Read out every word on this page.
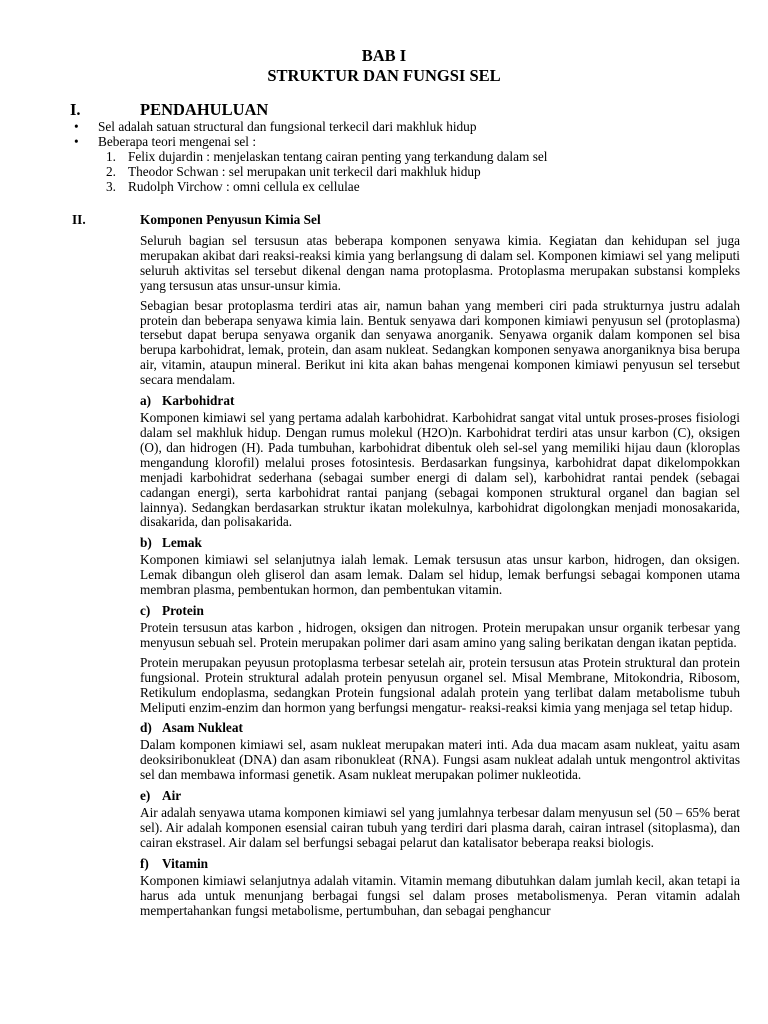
BAB I

STRUKTUR DAN FUNGSI SEL

I.	PENDAHULUAN
• Sel adalah satuan structural dan fungsional terkecil dari makhluk hidup
• Beberapa teori mengenai sel :
1. Felix dujardin : menjelaskan tentang cairan penting yang terkandung dalam sel
2. Theodor Schwan : sel merupakan unit terkecil dari makhluk hidup
3. Rudolph Virchow : omni cellula ex cellulae
II.	Komponen Penyusun Kimia Sel

Seluruh bagian sel tersusun atas beberapa komponen senyawa kimia. Kegiatan dan kehidupan sel juga merupakan akibat dari reaksi-reaksi kimia yang berlangsung di dalam sel. Komponen kimiawi sel yang meliputi seluruh aktivitas sel tersebut dikenal dengan nama protoplasma. Protoplasma merupakan substansi kompleks yang tersusun atas unsur-unsur kimia.

Sebagian besar protoplasma terdiri atas air, namun bahan yang memberi ciri pada strukturnya justru adalah protein dan beberapa senyawa kimia lain. Bentuk senyawa dari komponen kimiawi penyusun sel (protoplasma) tersebut dapat berupa senyawa organik dan senyawa anorganik. Senyawa organik dalam komponen sel bisa berupa karbohidrat, lemak, protein, dan asam nukleat. Sedangkan komponen senyawa anorganiknya bisa berupa air, vitamin, ataupun mineral. Berikut ini kita akan bahas mengenai komponen kimiawi penyusun sel tersebut secara mendalam.

a) Karbohidrat

Komponen kimiawi sel yang pertama adalah karbohidrat. Karbohidrat sangat vital untuk proses-proses fisiologi dalam sel makhluk hidup. Dengan rumus molekul (H2O)n. Karbohidrat terdiri atas unsur karbon (C), oksigen (O), dan hidrogen (H). Pada tumbuhan, karbohidrat dibentuk oleh sel-sel yang memiliki hijau daun (kloroplas mengandung klorofil) melalui proses fotosintesis. Berdasarkan fungsinya, karbohidrat dapat dikelompokkan menjadi karbohidrat sederhana (sebagai sumber energi di dalam sel), karbohidrat rantai pendek (sebagai cadangan energi), serta karbohidrat rantai panjang (sebagai komponen struktural organel dan bagian sel lainnya). Sedangkan berdasarkan struktur ikatan molekulnya, karbohidrat digolongkan menjadi monosakarida, disakarida, dan polisakarida.

b) Lemak

Komponen kimiawi sel selanjutnya ialah lemak. Lemak tersusun atas unsur karbon, hidrogen, dan oksigen. Lemak dibangun oleh gliserol dan asam lemak. Dalam sel hidup, lemak berfungsi sebagai komponen utama membran plasma, pembentukan hormon, dan pembentukan vitamin.

c) Protein

Protein tersusun atas karbon , hidrogen, oksigen dan nitrogen. Protein merupakan unsur organik terbesar yang menyusun sebuah sel. Protein merupakan polimer dari asam amino yang saling berikatan dengan ikatan peptida.

Protein merupakan peyusun protoplasma terbesar setelah air, protein tersusun atas Protein struktural dan protein fungsional. Protein struktural adalah protein penyusun organel sel. Misal Membrane, Mitokondria, Ribosom, Retikulum endoplasma, sedangkan Protein fungsional adalah protein yang terlibat dalam metabolisme tubuh Meliputi enzim-enzim dan hormon yang berfungsi mengatur- reaksi-reaksi kimia yang menjaga sel tetap hidup.

d) Asam Nukleat

Dalam komponen kimiawi sel, asam nukleat merupakan materi inti. Ada dua macam asam nukleat, yaitu asam deoksiribonukleat (DNA) dan asam ribonukleat (RNA). Fungsi asam nukleat adalah untuk mengontrol aktivitas sel dan membawa informasi genetik. Asam nukleat merupakan polimer nukleotida.

e) Air

Air adalah senyawa utama komponen kimiawi sel yang jumlahnya terbesar dalam menyusun sel (50 – 65% berat sel). Air adalah komponen esensial cairan tubuh yang terdiri dari plasma darah, cairan intrasel (sitoplasma), dan cairan ekstrasel. Air dalam sel berfungsi sebagai pelarut dan katalisator beberapa reaksi biologis.

f) Vitamin

Komponen kimiawi selanjutnya adalah vitamin. Vitamin memang dibutuhkan dalam jumlah kecil, akan tetapi ia harus ada untuk menunjang berbagai fungsi sel dalam proses metabolismenya. Peran vitamin adalah mempertahankan fungsi metabolisme, pertumbuhan, dan sebagai penghancur
